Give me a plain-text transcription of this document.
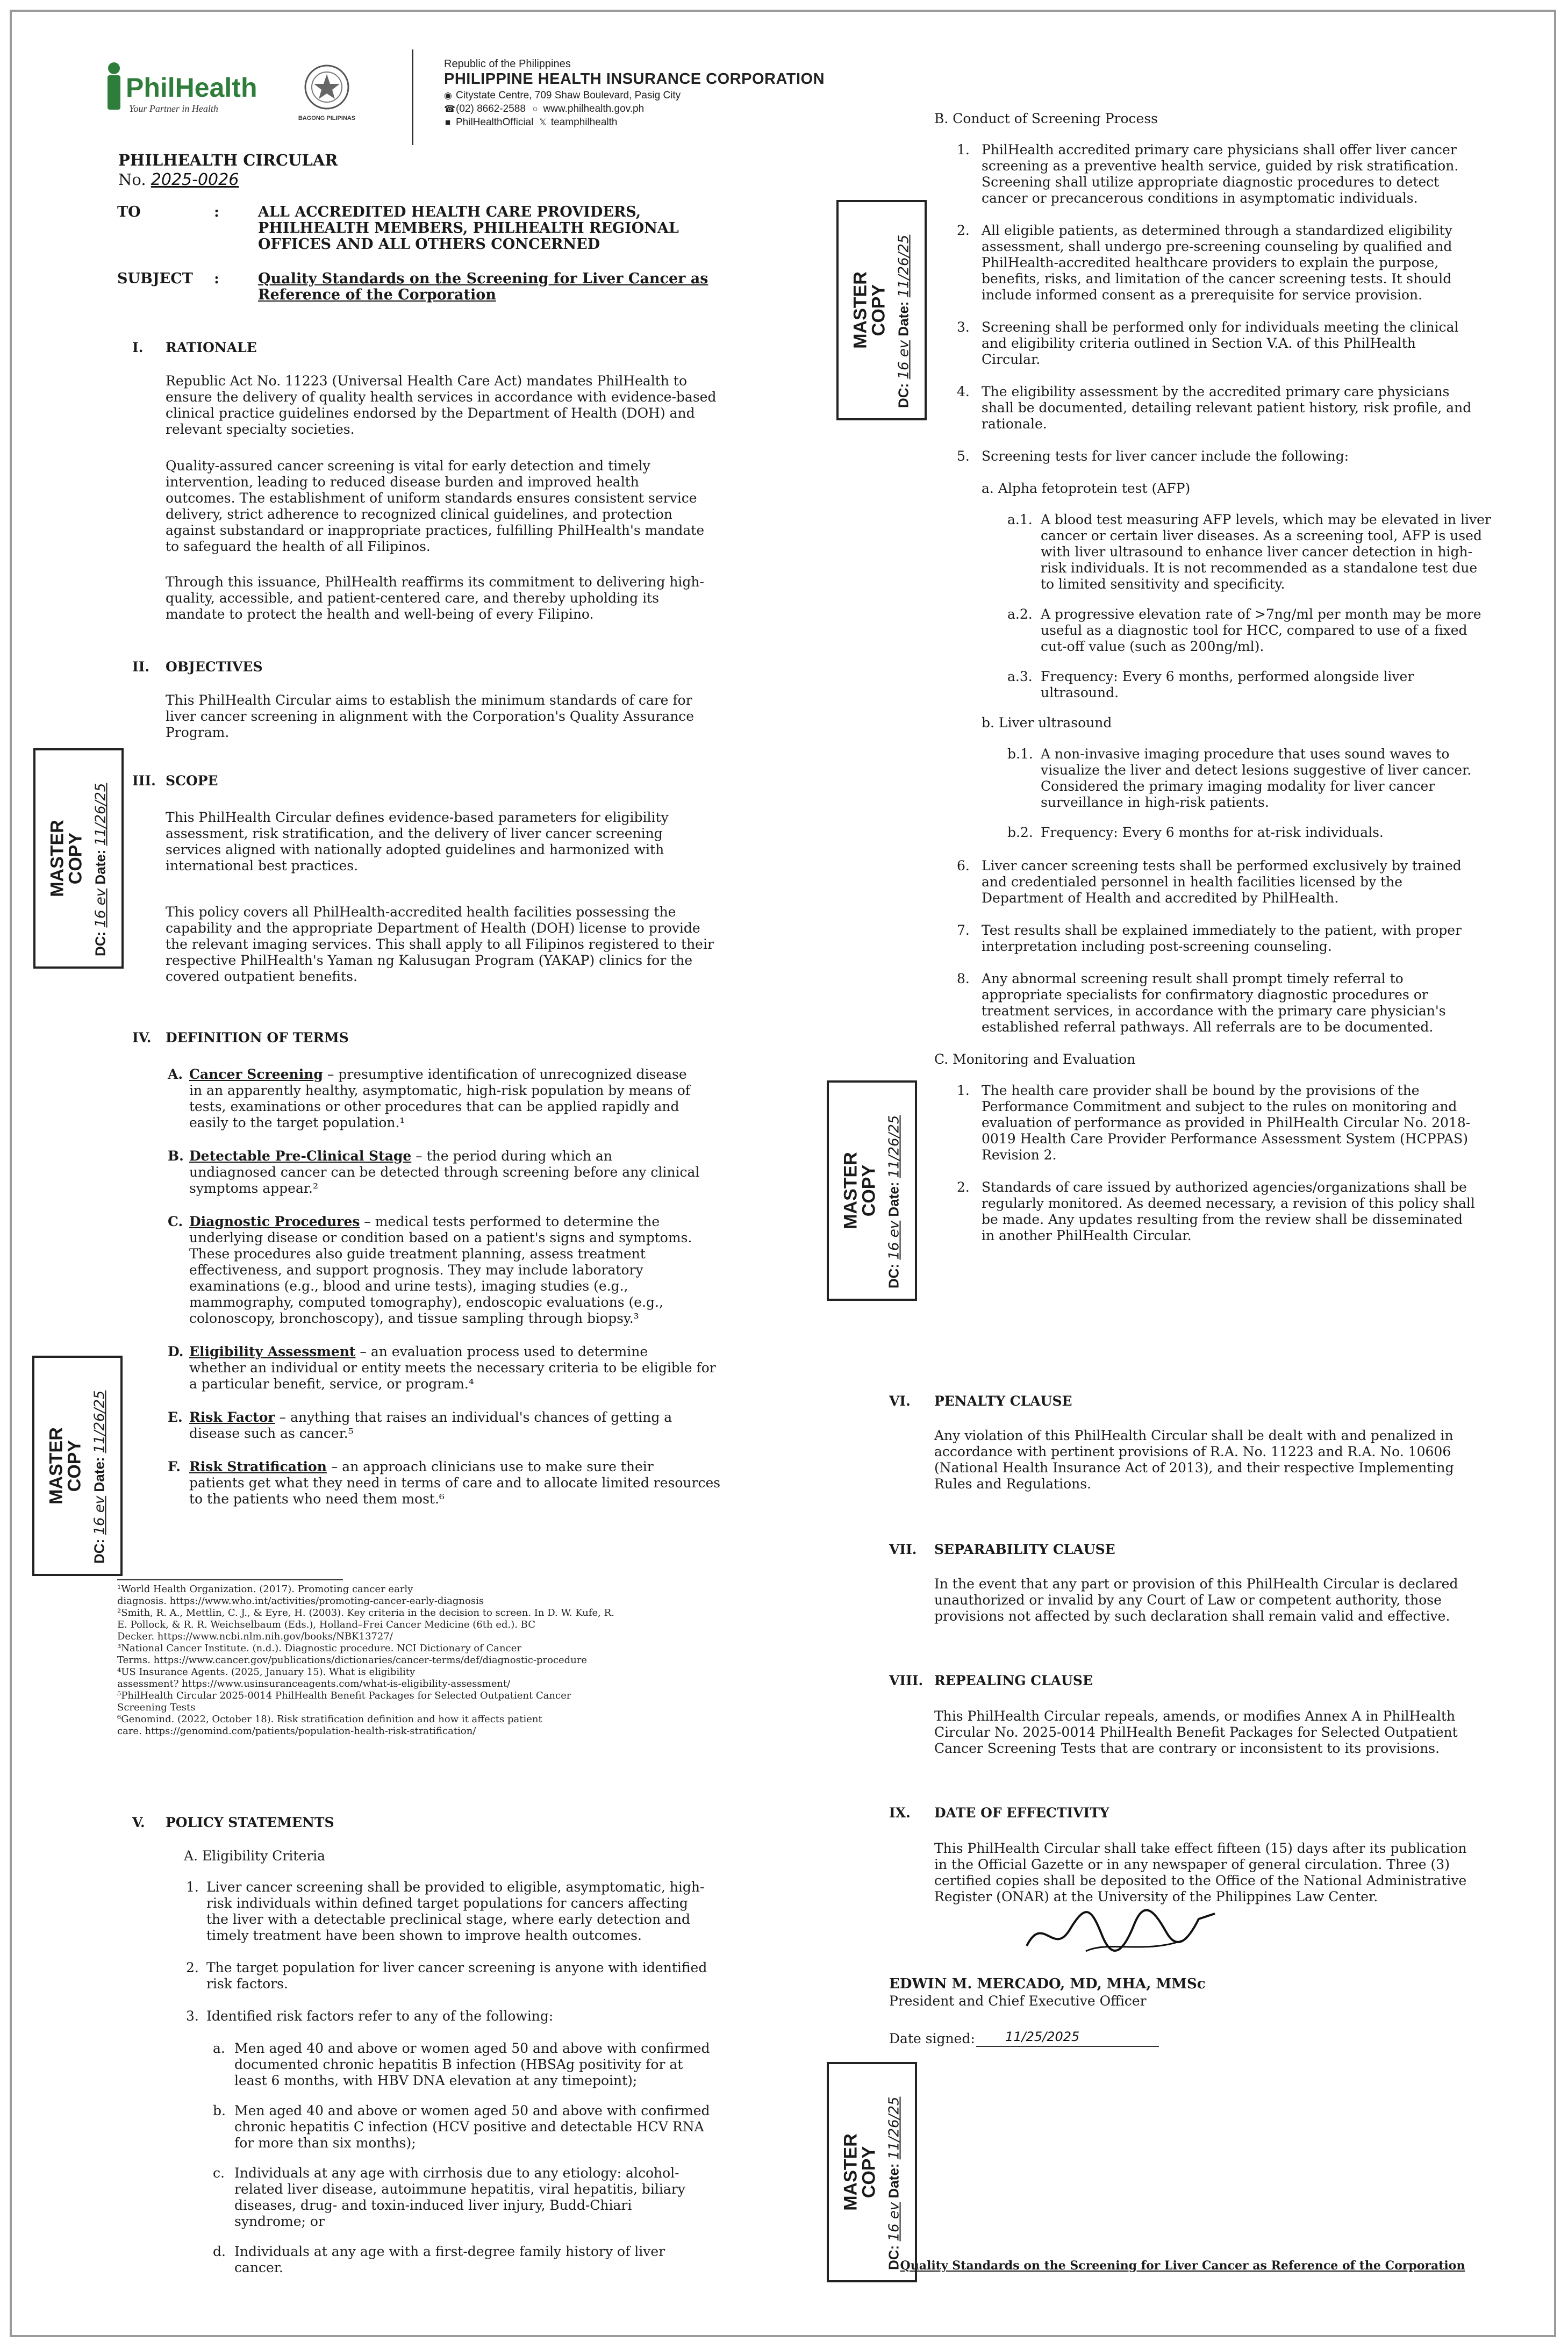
PhilHealth
Your Partner in Health
BAGONG PILIPINAS
Republic of the Philippines
PHILIPPINE HEALTH INSURANCE CORPORATION
◉ Citystate Centre, 709 Shaw Boulevard, Pasig City
☎(02) 8662-2588 ○ www.philhealth.gov.ph
■ PhilHealthOfficial 𝕏 teamphilhealth
PHILHEALTH CIRCULAR
No. 2025-0026
TO	:	ALL ACCREDITED HEALTH CARE PROVIDERS,
PHILHEALTH MEMBERS, PHILHEALTH REGIONAL
OFFICES AND ALL OTHERS CONCERNED
SUBJECT :	Quality Standards on the Screening for Liver Cancer as
Reference of the Corporation
I. RATIONALE
Republic Act No. 11223 (Universal Health Care Act) mandates PhilHealth to
ensure the delivery of quality health services in accordance with evidence-based
clinical practice guidelines endorsed by the Department of Health (DOH) and
relevant specialty societies.
Quality-assured cancer screening is vital for early detection and timely
intervention, leading to reduced disease burden and improved health
outcomes. The establishment of uniform standards ensures consistent service
delivery, strict adherence to recognized clinical guidelines, and protection
against substandard or inappropriate practices, fulfilling PhilHealth's mandate
to safeguard the health of all Filipinos.
Through this issuance, PhilHealth reaffirms its commitment to delivering high-
quality, accessible, and patient-centered care, and thereby upholding its
mandate to protect the health and well-being of every Filipino.
II. OBJECTIVES
This PhilHealth Circular aims to establish the minimum standards of care for
liver cancer screening in alignment with the Corporation's Quality Assurance
Program.
III. SCOPE
This PhilHealth Circular defines evidence-based parameters for eligibility
assessment, risk stratification, and the delivery of liver cancer screening
services aligned with nationally adopted guidelines and harmonized with
international best practices.
This policy covers all PhilHealth-accredited health facilities possessing the
capability and the appropriate Department of Health (DOH) license to provide
the relevant imaging services. This shall apply to all Filipinos registered to their
respective PhilHealth's Yaman ng Kalusugan Program (YAKAP) clinics for the
covered outpatient benefits.
IV. DEFINITION OF TERMS
¹World Health Organization. (2017). Promoting cancer early
diagnosis. https://www.who.int/activities/promoting-cancer-early-diagnosis
²Smith, R. A., Mettlin, C. J., & Eyre, H. (2003). Key criteria in the decision to screen. In D. W. Kufe, R.
E. Pollock, & R. R. Weichselbaum (Eds.), Holland–Frei Cancer Medicine (6th ed.). BC
Decker. https://www.ncbi.nlm.nih.gov/books/NBK13727/
³National Cancer Institute. (n.d.). Diagnostic procedure. NCI Dictionary of Cancer
Terms. https://www.cancer.gov/publications/dictionaries/cancer-terms/def/diagnostic-procedure
⁴US Insurance Agents. (2025, January 15). What is eligibility
assessment? https://www.usinsuranceagents.com/what-is-eligibility-assessment/
⁵PhilHealth Circular 2025-0014 PhilHealth Benefit Packages for Selected Outpatient Cancer
Screening Tests
⁶Genomind. (2022, October 18). Risk stratification definition and how it affects patient
care. https://genomind.com/patients/population-health-risk-stratification/
V. POLICY STATEMENTS
A. Eligibility Criteria
B. Conduct of Screening Process
VI. PENALTY CLAUSE
Any violation of this PhilHealth Circular shall be dealt with and penalized in
accordance with pertinent provisions of R.A. No. 11223 and R.A. No. 10606
(National Health Insurance Act of 2013), and their respective Implementing
Rules and Regulations.
VII. SEPARABILITY CLAUSE
In the event that any part or provision of this PhilHealth Circular is declared
unauthorized or invalid by any Court of Law or competent authority, those
provisions not affected by such declaration shall remain valid and effective.
VIII. REPEALING CLAUSE
This PhilHealth Circular repeals, amends, or modifies Annex A in PhilHealth
Circular No. 2025-0014 PhilHealth Benefit Packages for Selected Outpatient
Cancer Screening Tests that are contrary or inconsistent to its provisions.
IX. DATE OF EFFECTIVITY
This PhilHealth Circular shall take effect fifteen (15) days after its publication
in the Official Gazette or in any newspaper of general circulation. Three (3)
certified copies shall be deposited to the Office of the National Administrative
Register (ONAR) at the University of the Philippines Law Center.
EDWIN M. MERCADO, MD, MHA, MMSc
President and Chief Executive Officer
Date signed: 11/25/2025
Quality Standards on the Screening for Liver Cancer as Reference of the Corporation
MASTER
COPY
DC: 16 ev Date: 11/26/25
MASTER
COPY
DC: 16 ev Date: 11/26/25
MASTER
COPY
DC: 16 ev Date: 11/26/25
MASTER
COPY
DC: 16 ev Date: 11/26/25
MASTER
COPY
DC: 16 ev Date: 11/26/25
A. Cancer Screening – presumptive identification of unrecognized disease
in an apparently healthy, asymptomatic, high-risk population by means of
tests, examinations or other procedures that can be applied rapidly and
easily to the target population.¹
B. Detectable Pre-Clinical Stage – the period during which an
undiagnosed cancer can be detected through screening before any clinical
symptoms appear.²
C. Diagnostic Procedures – medical tests performed to determine the
underlying disease or condition based on a patient's signs and symptoms.
These procedures also guide treatment planning, assess treatment
effectiveness, and support prognosis. They may include laboratory
examinations (e.g., blood and urine tests), imaging studies (e.g.,
mammography, computed tomography), endoscopic evaluations (e.g.,
colonoscopy, bronchoscopy), and tissue sampling through biopsy.³
D. Eligibility Assessment – an evaluation process used to determine
whether an individual or entity meets the necessary criteria to be eligible for
a particular benefit, service, or program.⁴
E. Risk Factor – anything that raises an individual's chances of getting a
disease such as cancer.⁵
F. Risk Stratification – an approach clinicians use to make sure their
patients get what they need in terms of care and to allocate limited resources
to the patients who need them most.⁶
1. Liver cancer screening shall be provided to eligible, asymptomatic, high-
risk individuals within defined target populations for cancers affecting
the liver with a detectable preclinical stage, where early detection and
timely treatment have been shown to improve health outcomes.
2. The target population for liver cancer screening is anyone with identified
risk factors.
3. Identified risk factors refer to any of the following:
a. Men aged 40 and above or women aged 50 and above with confirmed
documented chronic hepatitis B infection (HBSAg positivity for at
least 6 months, with HBV DNA elevation at any timepoint);
b. Men aged 40 and above or women aged 50 and above with confirmed
chronic hepatitis C infection (HCV positive and detectable HCV RNA
for more than six months);
c. Individuals at any age with cirrhosis due to any etiology: alcohol-
related liver disease, autoimmune hepatitis, viral hepatitis, biliary
diseases, drug- and toxin-induced liver injury, Budd-Chiari
syndrome; or
d. Individuals at any age with a first-degree family history of liver
cancer.
1. PhilHealth accredited primary care physicians shall offer liver cancer
screening as a preventive health service, guided by risk stratification.
Screening shall utilize appropriate diagnostic procedures to detect
cancer or precancerous conditions in asymptomatic individuals.
2. All eligible patients, as determined through a standardized eligibility
assessment, shall undergo pre-screening counseling by qualified and
PhilHealth-accredited healthcare providers to explain the purpose,
benefits, risks, and limitation of the cancer screening tests. It should
include informed consent as a prerequisite for service provision.
3. Screening shall be performed only for individuals meeting the clinical
and eligibility criteria outlined in Section V.A. of this PhilHealth
Circular.
4. The eligibility assessment by the accredited primary care physicians
shall be documented, detailing relevant patient history, risk profile, and
rationale.
5. Screening tests for liver cancer include the following:
a. Alpha fetoprotein test (AFP)
a.1. A blood test measuring AFP levels, which may be elevated in liver
cancer or certain liver diseases. As a screening tool, AFP is used
with liver ultrasound to enhance liver cancer detection in high-
risk individuals. It is not recommended as a standalone test due
to limited sensitivity and specificity.
a.2. A progressive elevation rate of >7ng/ml per month may be more
useful as a diagnostic tool for HCC, compared to use of a fixed
cut-off value (such as 200ng/ml).
a.3. Frequency: Every 6 months, performed alongside liver
ultrasound.
b. Liver ultrasound
b.1. A non-invasive imaging procedure that uses sound waves to
visualize the liver and detect lesions suggestive of liver cancer.
Considered the primary imaging modality for liver cancer
surveillance in high-risk patients.
b.2. Frequency: Every 6 months for at-risk individuals.
6. Liver cancer screening tests shall be performed exclusively by trained
and credentialed personnel in health facilities licensed by the
Department of Health and accredited by PhilHealth.
7. Test results shall be explained immediately to the patient, with proper
interpretation including post-screening counseling.
8. Any abnormal screening result shall prompt timely referral to
appropriate specialists for confirmatory diagnostic procedures or
treatment services, in accordance with the primary care physician's
established referral pathways. All referrals are to be documented.
C. Monitoring and Evaluation
1. The health care provider shall be bound by the provisions of the
Performance Commitment and subject to the rules on monitoring and
evaluation of performance as provided in PhilHealth Circular No. 2018-
0019 Health Care Provider Performance Assessment System (HCPPAS)
Revision 2.
2. Standards of care issued by authorized agencies/organizations shall be
regularly monitored. As deemed necessary, a revision of this policy shall
be made. Any updates resulting from the review shall be disseminated
in another PhilHealth Circular.
